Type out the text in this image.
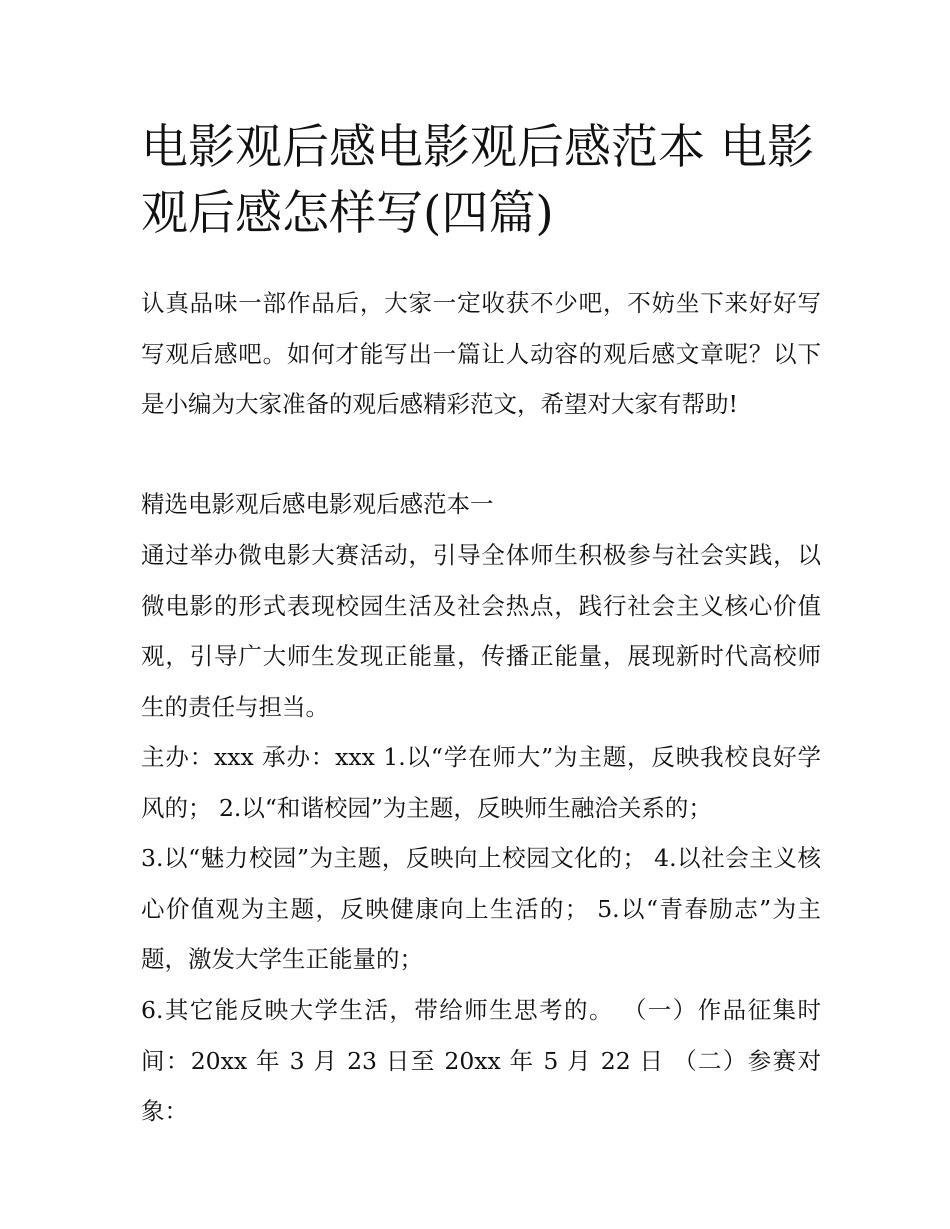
电影观后感电影观后感范本 电影观后感怎样写(四篇)

认真品味一部作品后，大家一定收获不少吧，不妨坐下来好好写写观后感吧。如何才能写出一篇让人动容的观后感文章呢？以下是小编为大家准备的观后感精彩范文，希望对大家有帮助!

精选电影观后感电影观后感范本一

通过举办微电影大赛活动，引导全体师生积极参与社会实践，以微电影的形式表现校园生活及社会热点，践行社会主义核心价值观，引导广大师生发现正能量，传播正能量，展现新时代高校师生的责任与担当。

主办：xxx 承办：xxx 1.以“学在师大”为主题，反映我校良好学风的； 2.以“和谐校园”为主题，反映师生融洽关系的；

3.以“魅力校园”为主题，反映向上校园文化的； 4.以社会主义核心价值观为主题，反映健康向上生活的； 5.以“青春励志”为主题，激发大学生正能量的；

6.其它能反映大学生活，带给师生思考的。 （一）作品征集时间：20xx 年 3 月 23 日至 20xx 年 5 月 22 日 （二）参赛对象：
